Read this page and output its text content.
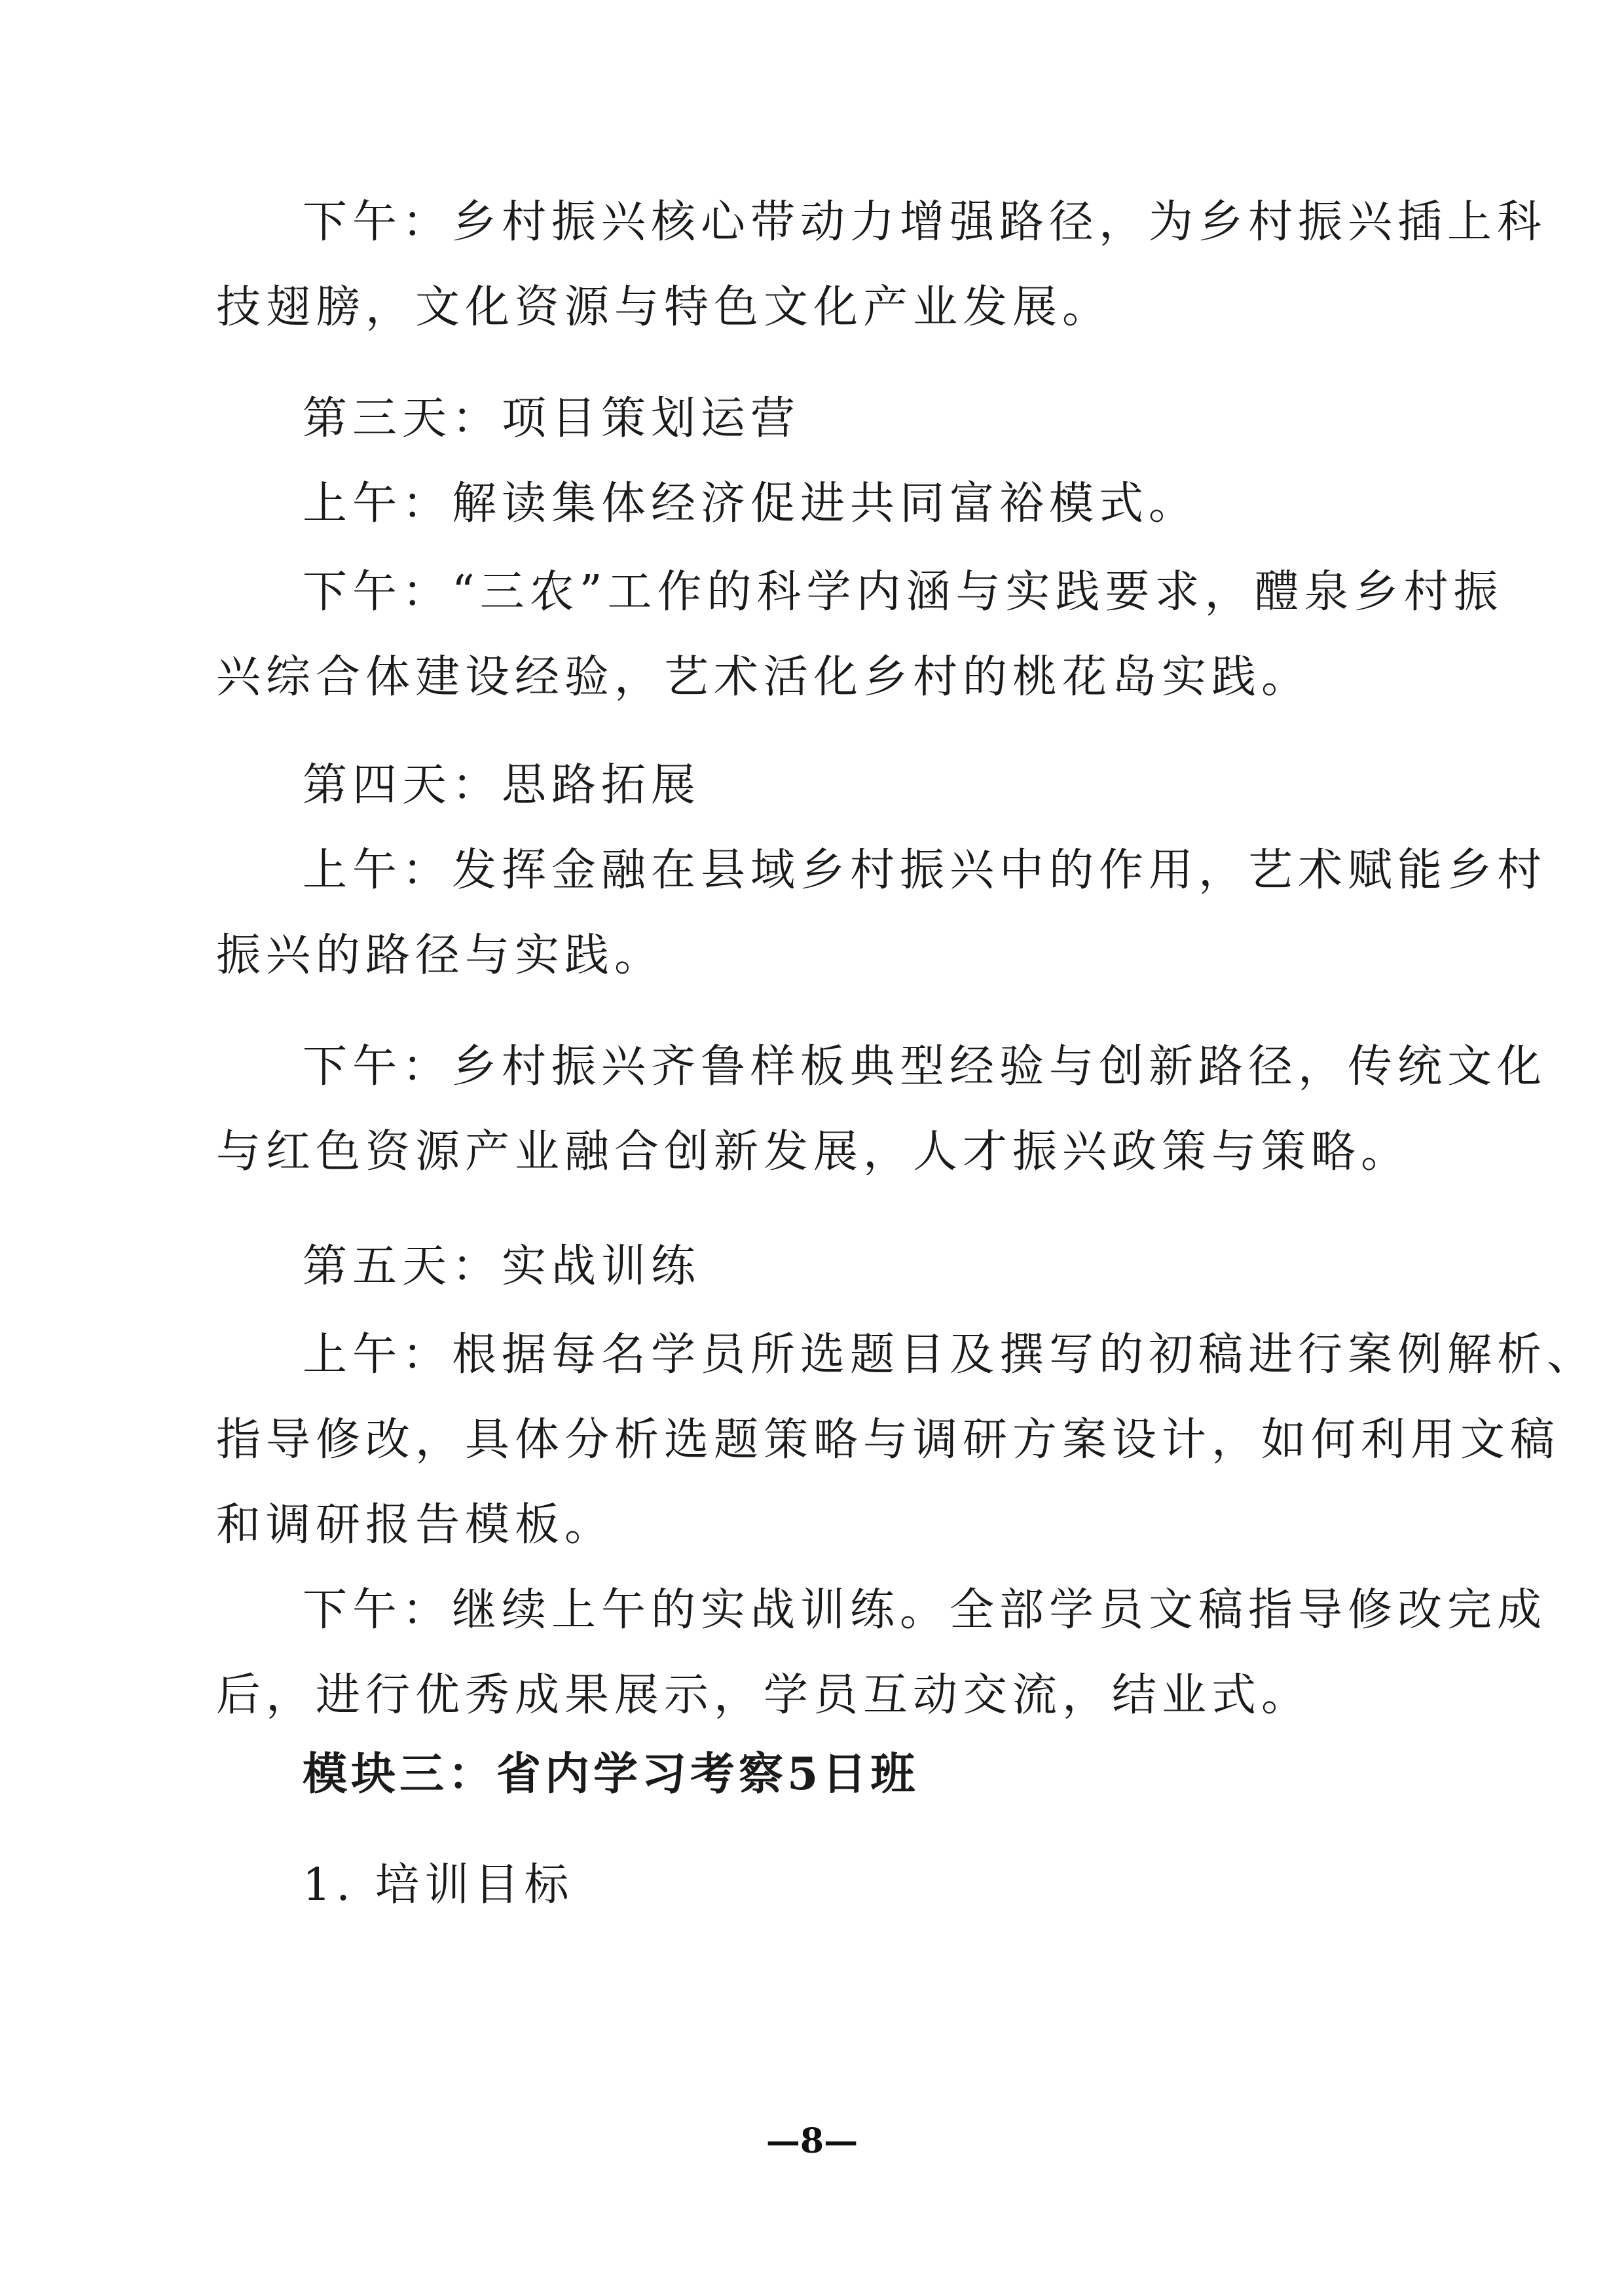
下午：乡村振兴核心带动力增强路径，为乡村振兴插上科
技翅膀，文化资源与特色文化产业发展。
第三天：项目策划运营
上午：解读集体经济促进共同富裕模式。
下午：“三农”工作的科学内涵与实践要求，醴泉乡村振
兴综合体建设经验，艺术活化乡村的桃花岛实践。
第四天：思路拓展
上午：发挥金融在县域乡村振兴中的作用，艺术赋能乡村
振兴的路径与实践。
下午：乡村振兴齐鲁样板典型经验与创新路径，传统文化
与红色资源产业融合创新发展，人才振兴政策与策略。
第五天：实战训练
上午：根据每名学员所选题目及撰写的初稿进行案例解析、
指导修改，具体分析选题策略与调研方案设计，如何利用文稿
和调研报告模板。
下午：继续上午的实战训练。全部学员文稿指导修改完成
后，进行优秀成果展示，学员互动交流，结业式。
模块三：省内学习考察5日班
1. 培训目标
—8—
